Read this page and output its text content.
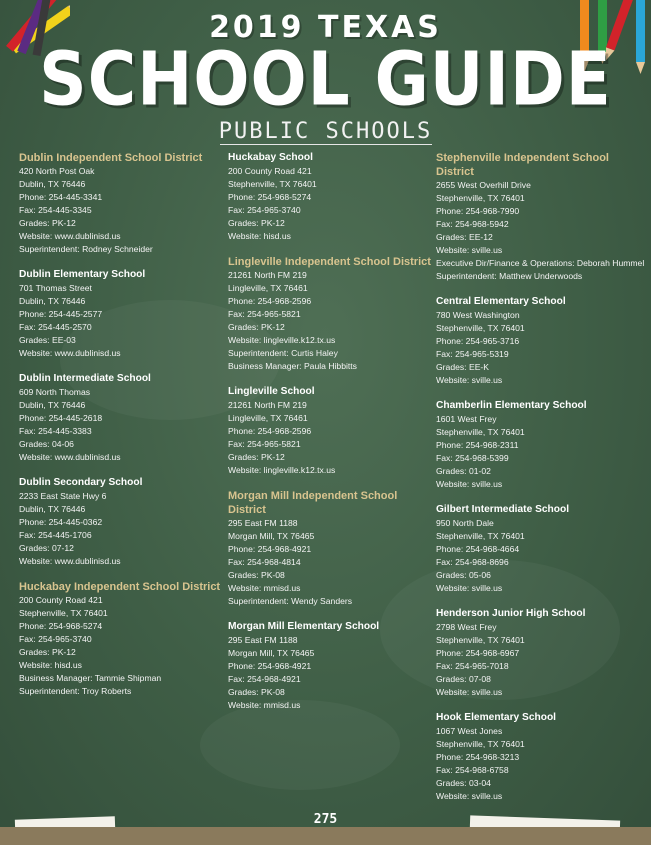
2019 TEXAS
SCHOOL GUIDE
PUBLIC SCHOOLS
Dublin Independent School District
420 North Post Oak
Dublin, TX 76446
Phone: 254-445-3341
Fax: 254-445-3345
Grades: PK-12
Website: www.dublinisd.us
Superintendent: Rodney Schneider
Dublin Elementary School
701 Thomas Street
Dublin, TX 76446
Phone: 254-445-2577
Fax: 254-445-2570
Grades: EE-03
Website: www.dublinisd.us
Dublin Intermediate School
609 North Thomas
Dublin, TX 76446
Phone: 254-445-2618
Fax: 254-445-3383
Grades: 04-06
Website: www.dublinisd.us
Dublin Secondary School
2233 East State Hwy 6
Dublin, TX 76446
Phone: 254-445-0362
Fax: 254-445-1706
Grades: 07-12
Website: www.dublinisd.us
Huckabay Independent School District
200 County Road 421
Stephenville, TX 76401
Phone: 254-968-5274
Fax: 254-965-3740
Grades: PK-12
Website: hisd.us
Business Manager: Tammie Shipman
Superintendent: Troy Roberts
Huckabay School
200 County Road 421
Stephenville, TX 76401
Phone: 254-968-5274
Fax: 254-965-3740
Grades: PK-12
Website: hisd.us
Lingleville Independent School District
21261 North FM 219
Lingleville, TX 76461
Phone: 254-968-2596
Fax: 254-965-5821
Grades: PK-12
Website: lingleville.k12.tx.us
Superintendent: Curtis Haley
Business Manager: Paula Hibbitts
Lingleville School
21261 North FM 219
Lingleville, TX 76461
Phone: 254-968-2596
Fax: 254-965-5821
Grades: PK-12
Website: lingleville.k12.tx.us
Morgan Mill Independent School District
295 East FM 1188
Morgan Mill, TX 76465
Phone: 254-968-4921
Fax: 254-968-4814
Grades: PK-08
Website: mmisd.us
Superintendent: Wendy Sanders
Morgan Mill Elementary School
295 East FM 1188
Morgan Mill, TX 76465
Phone: 254-968-4921
Fax: 254-968-4921
Grades: PK-08
Website: mmisd.us
Stephenville Independent School District
2655 West Overhill Drive
Stephenville, TX 76401
Phone: 254-968-7990
Fax: 254-968-5942
Grades: EE-12
Website: sville.us
Executive Dir/Finance & Operations: Deborah Hummel
Superintendent: Matthew Underwoods
Central Elementary School
780 West Washington
Stephenville, TX 76401
Phone: 254-965-3716
Fax: 254-965-5319
Grades: EE-K
Website: sville.us
Chamberlin Elementary School
1601 West Frey
Stephenville, TX 76401
Phone: 254-968-2311
Fax: 254-968-5399
Grades: 01-02
Website: sville.us
Gilbert Intermediate School
950 North Dale
Stephenville, TX 76401
Phone: 254-968-4664
Fax: 254-968-8696
Grades: 05-06
Website: sville.us
Henderson Junior High School
2798 West Frey
Stephenville, TX 76401
Phone: 254-968-6967
Fax: 254-965-7018
Grades: 07-08
Website: sville.us
Hook Elementary School
1067 West Jones
Stephenville, TX 76401
Phone: 254-968-3213
Fax: 254-968-6758
Grades: 03-04
Website: sville.us
275
